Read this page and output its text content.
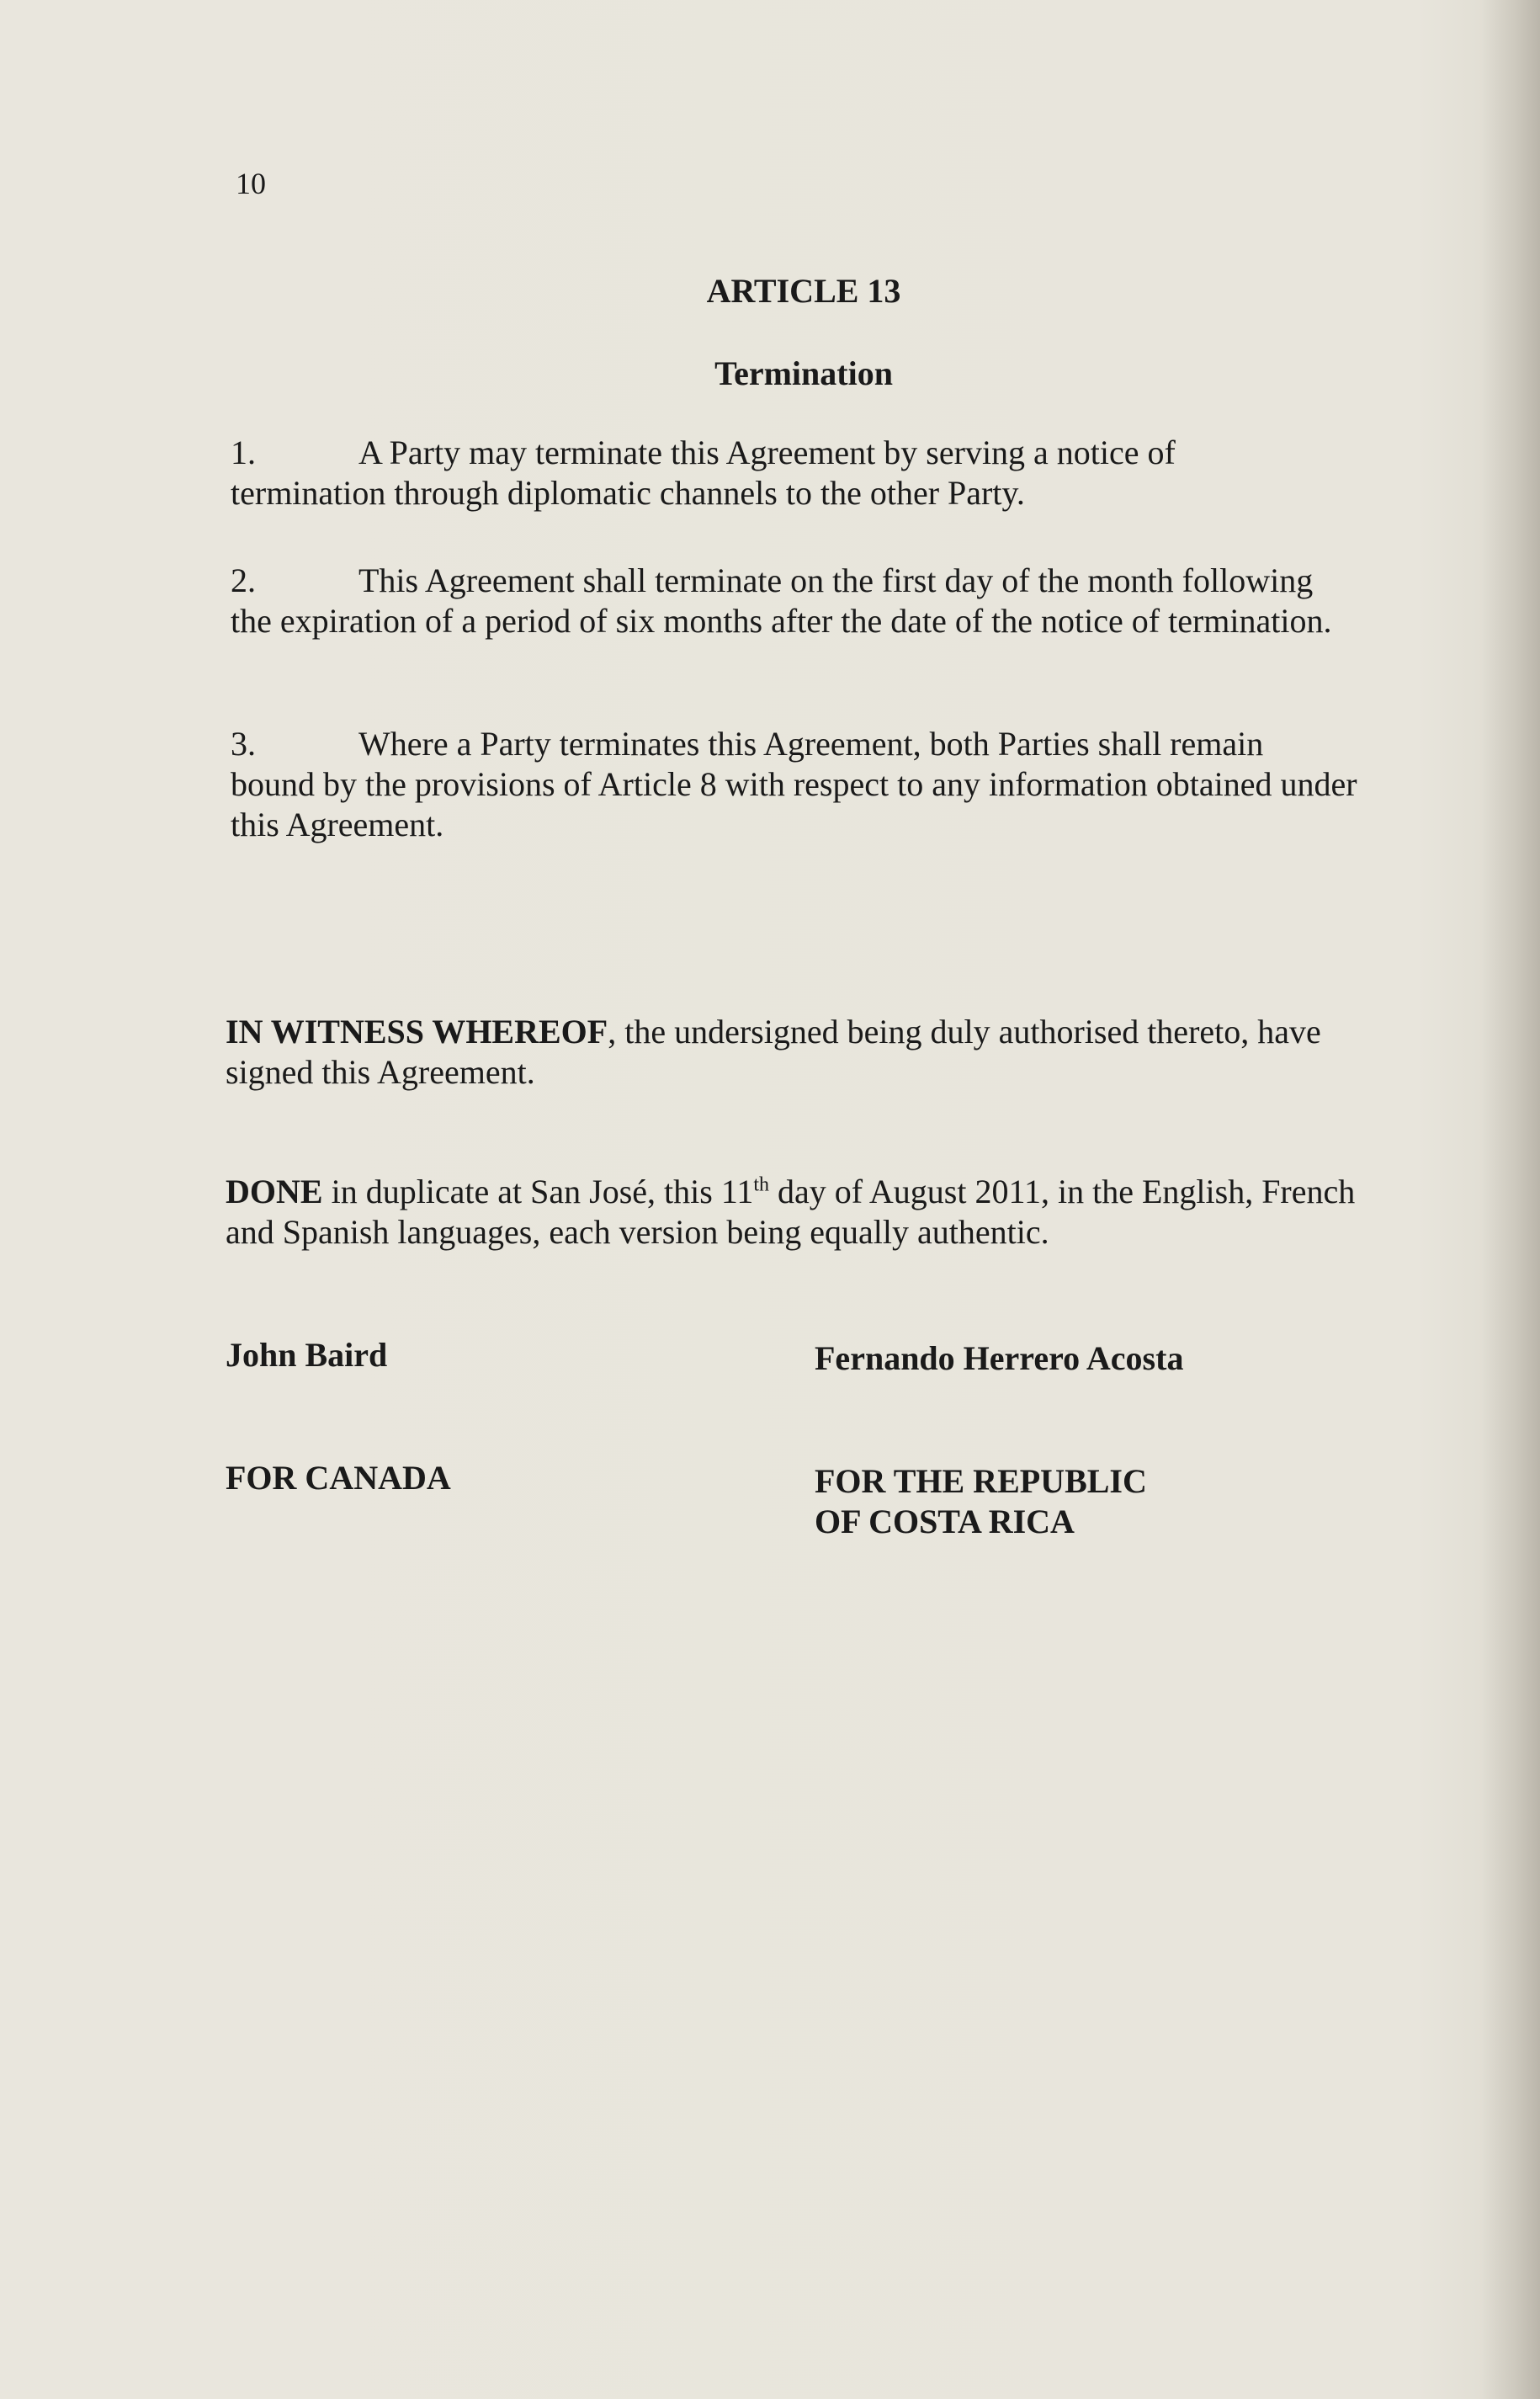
10
ARTICLE 13
Termination
1.	A Party may terminate this Agreement by serving a notice of
termination through diplomatic channels to the other Party.
2.	This Agreement shall terminate on the first day of the month following
the expiration of a period of six months after the date of the notice of termination.
3.	Where a Party terminates this Agreement, both Parties shall remain
bound by the provisions of Article 8 with respect to any information obtained under this Agreement.
IN WITNESS WHEREOF, the undersigned being duly authorised thereto, have signed this Agreement.
DONE in duplicate at San José, this 11th day of August 2011, in the English, French and Spanish languages, each version being equally authentic.
John Baird	Fernando Herrero Acosta
FOR CANADA	FOR THE REPUBLIC
OF COSTA RICA
